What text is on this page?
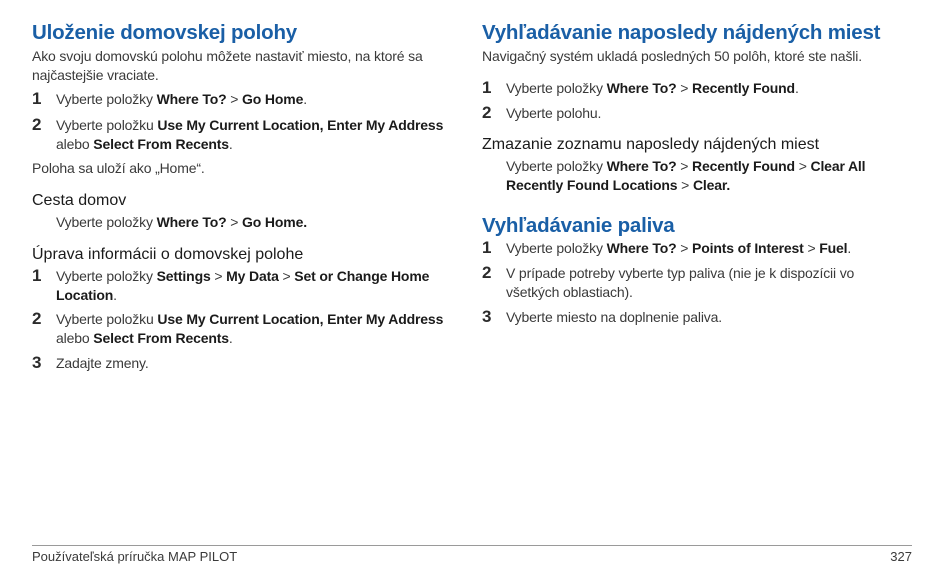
Uloženie domovskej polohy

Ako svoju domovskú polohu môžete nastaviť miesto, na ktoré sa
najčastejšie vraciate.

1 Vyberte položky Where To? > Go Home.
2 Vyberte položku Use My Current Location, Enter My Address
alebo Select From Recents.

Poloha sa uloží ako „Home“.

Cesta domov

Vyberte položky Where To? > Go Home.

Úprava informácii o domovskej polohe
1 Vyberte položky Settings > My Data > Set or Change Home
Location.
2 Vyberte položku Use My Current Location, Enter My Address
alebo Select From Recents.
3 Zadajte zmeny.
Vyhľadávanie naposledy nájdených miest

Navigačný systém ukladá posledných 50 polôh, ktoré ste našli.

1 Vyberte položky Where To? > Recently Found.
2 Vyberte polohu.
Zmazanie zoznamu naposledy nájdených miest

Vyberte položky Where To? > Recently Found > Clear All
Recently Found Locations > Clear.

Vyhľadávanie paliva
1 Vyberte položky Where To? > Points of Interest > Fuel.
2 V prípade potreby vyberte typ paliva (nie je k dispozícii vo
všetkých oblastiach).
3 Vyberte miesto na doplnenie paliva.
Používateľská príručka MAP PILOT	327
